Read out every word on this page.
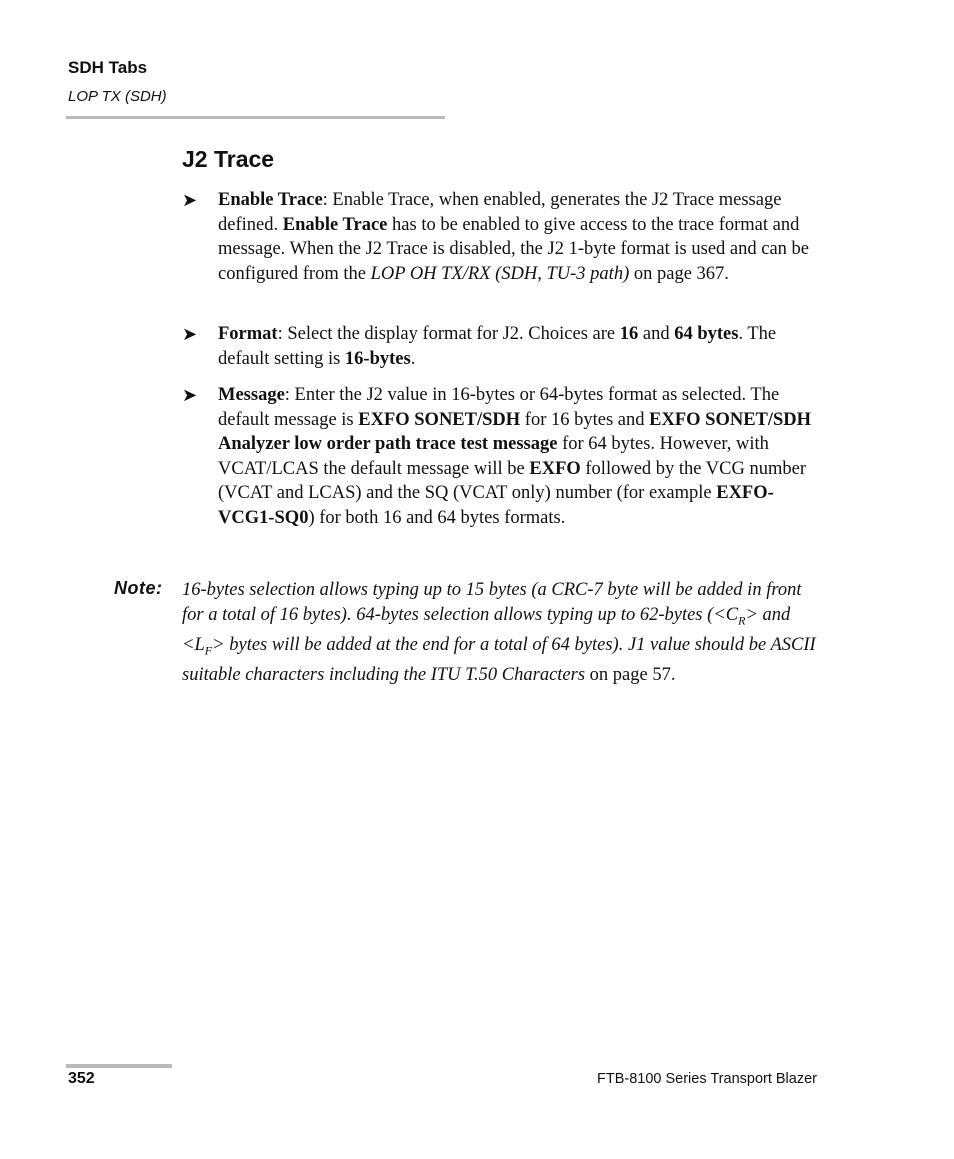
SDH Tabs
LOP TX (SDH)
J2 Trace
➤ Enable Trace: Enable Trace, when enabled, generates the J2 Trace message defined. Enable Trace has to be enabled to give access to the trace format and message. When the J2 Trace is disabled, the J2 1-byte format is used and can be configured from the LOP OH TX/RX (SDH, TU-3 path) on page 367.
➤ Format: Select the display format for J2. Choices are 16 and 64 bytes. The default setting is 16-bytes.
➤ Message: Enter the J2 value in 16-bytes or 64-bytes format as selected. The default message is EXFO SONET/SDH for 16 bytes and EXFO SONET/SDH Analyzer low order path trace test message for 64 bytes. However, with VCAT/LCAS the default message will be EXFO followed by the VCG number (VCAT and LCAS) and the SQ (VCAT only) number (for example EXFO-VCG1-SQ0) for both 16 and 64 bytes formats.
Note: 16-bytes selection allows typing up to 15 bytes (a CRC-7 byte will be added in front for a total of 16 bytes). 64-bytes selection allows typing up to 62-bytes ($<C_R>$ and $<L_F>$ bytes will be added at the end for a total of 64 bytes). J1 value should be ASCII suitable characters including the ITU T.50 Characters on page 57.
352	FTB-8100 Series Transport Blazer
